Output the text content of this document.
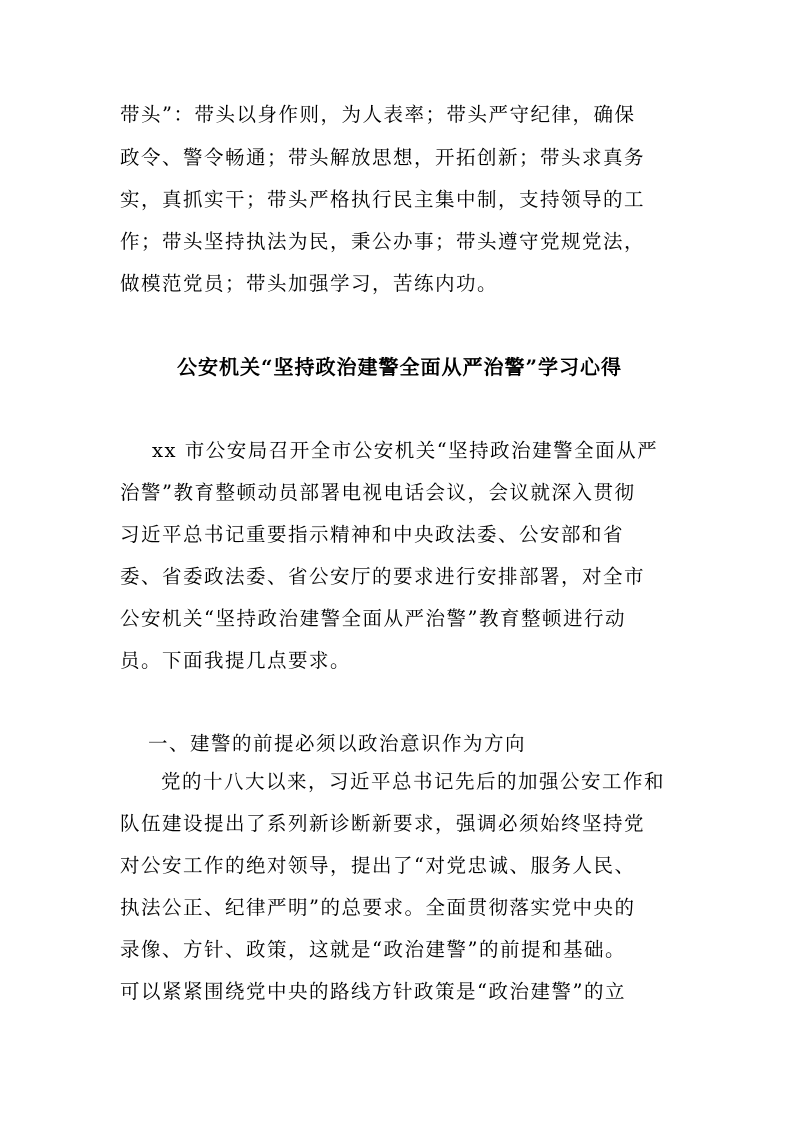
带头”：带头以身作则，为人表率；带头严守纪律，确保
政令、警令畅通；带头解放思想，开拓创新；带头求真务
实，真抓实干；带头严格执行民主集中制，支持领导的工
作；带头坚持执法为民，秉公办事；带头遵守党规党法，
做模范党员；带头加强学习，苦练内功。
公安机关“坚持政治建警全面从严治警”学习心得
xx 市公安局召开全市公安机关“坚持政治建警全面从严
治警”教育整顿动员部署电视电话会议，会议就深入贯彻
习近平总书记重要指示精神和中央政法委、公安部和省
委、省委政法委、省公安厅的要求进行安排部署，对全市
公安机关“坚持政治建警全面从严治警”教育整顿进行动
员。下面我提几点要求。
一、建警的前提必须以政治意识作为方向
党的十八大以来，习近平总书记先后的加强公安工作和
队伍建设提出了系列新诊断新要求，强调必须始终坚持党
对公安工作的绝对领导，提出了“对党忠诚、服务人民、
执法公正、纪律严明”的总要求。全面贯彻落实党中央的
录像、方针、政策，这就是“政治建警”的前提和基础。
可以紧紧围绕党中央的路线方针政策是“政治建警”的立
